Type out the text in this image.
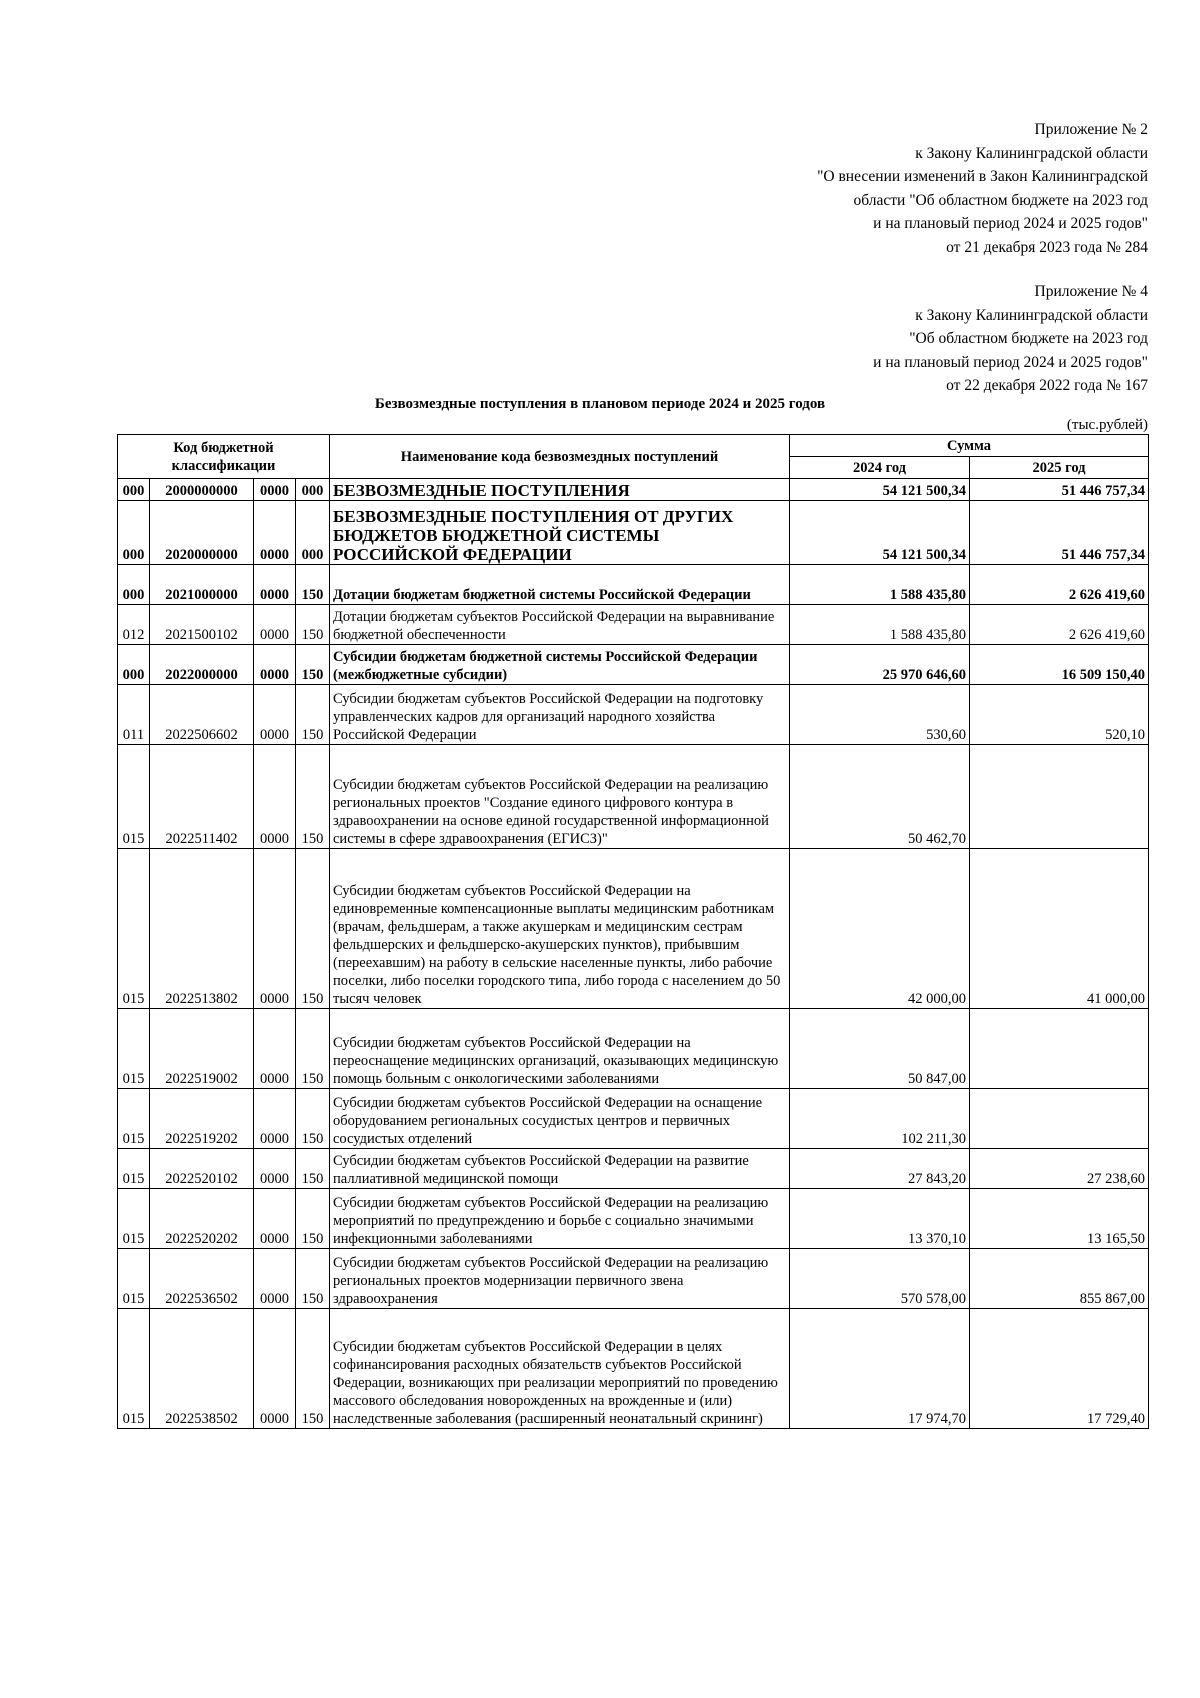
Приложение № 2
к Закону Калининградской области
"О внесении изменений в Закон Калининградской
области "Об областном бюджете на 2023 год
и на плановый период 2024 и 2025 годов"
от 21 декабря 2023 года № 284
Приложение № 4
к Закону Калининградской области
"Об областном бюджете на 2023 год
и на плановый период 2024 и 2025 годов"
от 22 декабря 2022 года № 167
Безвозмездные поступления в плановом периоде 2024 и 2025 годов
(тыс.рублей)
Код бюджетной классификации				Наименование кода безвозмездных поступлений	Сумма	
					2024 год	2025 год
000	2000000000	0000	000	БЕЗВОЗМЕЗДНЫЕ ПОСТУПЛЕНИЯ	54 121 500,34	51 446 757,34
000	2020000000	0000	000	БЕЗВОЗМЕЗДНЫЕ ПОСТУПЛЕНИЯ ОТ ДРУГИХ БЮДЖЕТОВ БЮДЖЕТНОЙ СИСТЕМЫ РОССИЙСКОЙ ФЕДЕРАЦИИ	54 121 500,34	51 446 757,34
000	2021000000	0000	150	Дотации бюджетам бюджетной системы Российской Федерации	1 588 435,80	2 626 419,60
012	2021500102	0000	150	Дотации бюджетам субъектов Российской Федерации на выравнивание бюджетной обеспеченности	1 588 435,80	2 626 419,60
000	2022000000	0000	150	Субсидии бюджетам бюджетной системы Российской Федерации (межбюджетные субсидии)	25 970 646,60	16 509 150,40
011	2022506602	0000	150	Субсидии бюджетам субъектов Российской Федерации на подготовку управленческих кадров для организаций народного хозяйства Российской Федерации	530,60	520,10
015	2022511402	0000	150	Субсидии бюджетам субъектов Российской Федерации на реализацию региональных проектов "Создание единого цифрового контура в здравоохранении на основе единой государственной информационной системы в сфере здравоохранения (ЕГИСЗ)"	50 462,70	
015	2022513802	0000	150	Субсидии бюджетам субъектов Российской Федерации на единовременные компенсационные выплаты медицинским работникам (врачам, фельдшерам, а также акушеркам и медицинским сестрам фельдшерских и фельдшерско-акушерских пунктов), прибывшим (переехавшим) на работу в сельские населенные пункты, либо рабочие поселки, либо поселки городского типа, либо города с населением до 50 тысяч человек	42 000,00	41 000,00
015	2022519002	0000	150	Субсидии бюджетам субъектов Российской Федерации на переоснащение медицинских организаций, оказывающих медицинскую помощь больным с онкологическими заболеваниями	50 847,00	
015	2022519202	0000	150	Субсидии бюджетам субъектов Российской Федерации на оснащение оборудованием региональных сосудистых центров и первичных сосудистых отделений	102 211,30	
015	2022520102	0000	150	Субсидии бюджетам субъектов Российской Федерации на развитие паллиативной медицинской помощи	27 843,20	27 238,60
015	2022520202	0000	150	Субсидии бюджетам субъектов Российской Федерации на реализацию мероприятий по предупреждению и борьбе с социально значимыми инфекционными заболеваниями	13 370,10	13 165,50
015	2022536502	0000	150	Субсидии бюджетам субъектов Российской Федерации на реализацию региональных проектов модернизации первичного звена здравоохранения	570 578,00	855 867,00
015	2022538502	0000	150	Субсидии бюджетам субъектов Российской Федерации в целях софинансирования расходных обязательств субъектов Российской Федерации, возникающих при реализации мероприятий по проведению массового обследования новорожденных на врожденные и (или) наследственные заболевания (расширенный неонатальный скрининг)	17 974,70	17 729,40
